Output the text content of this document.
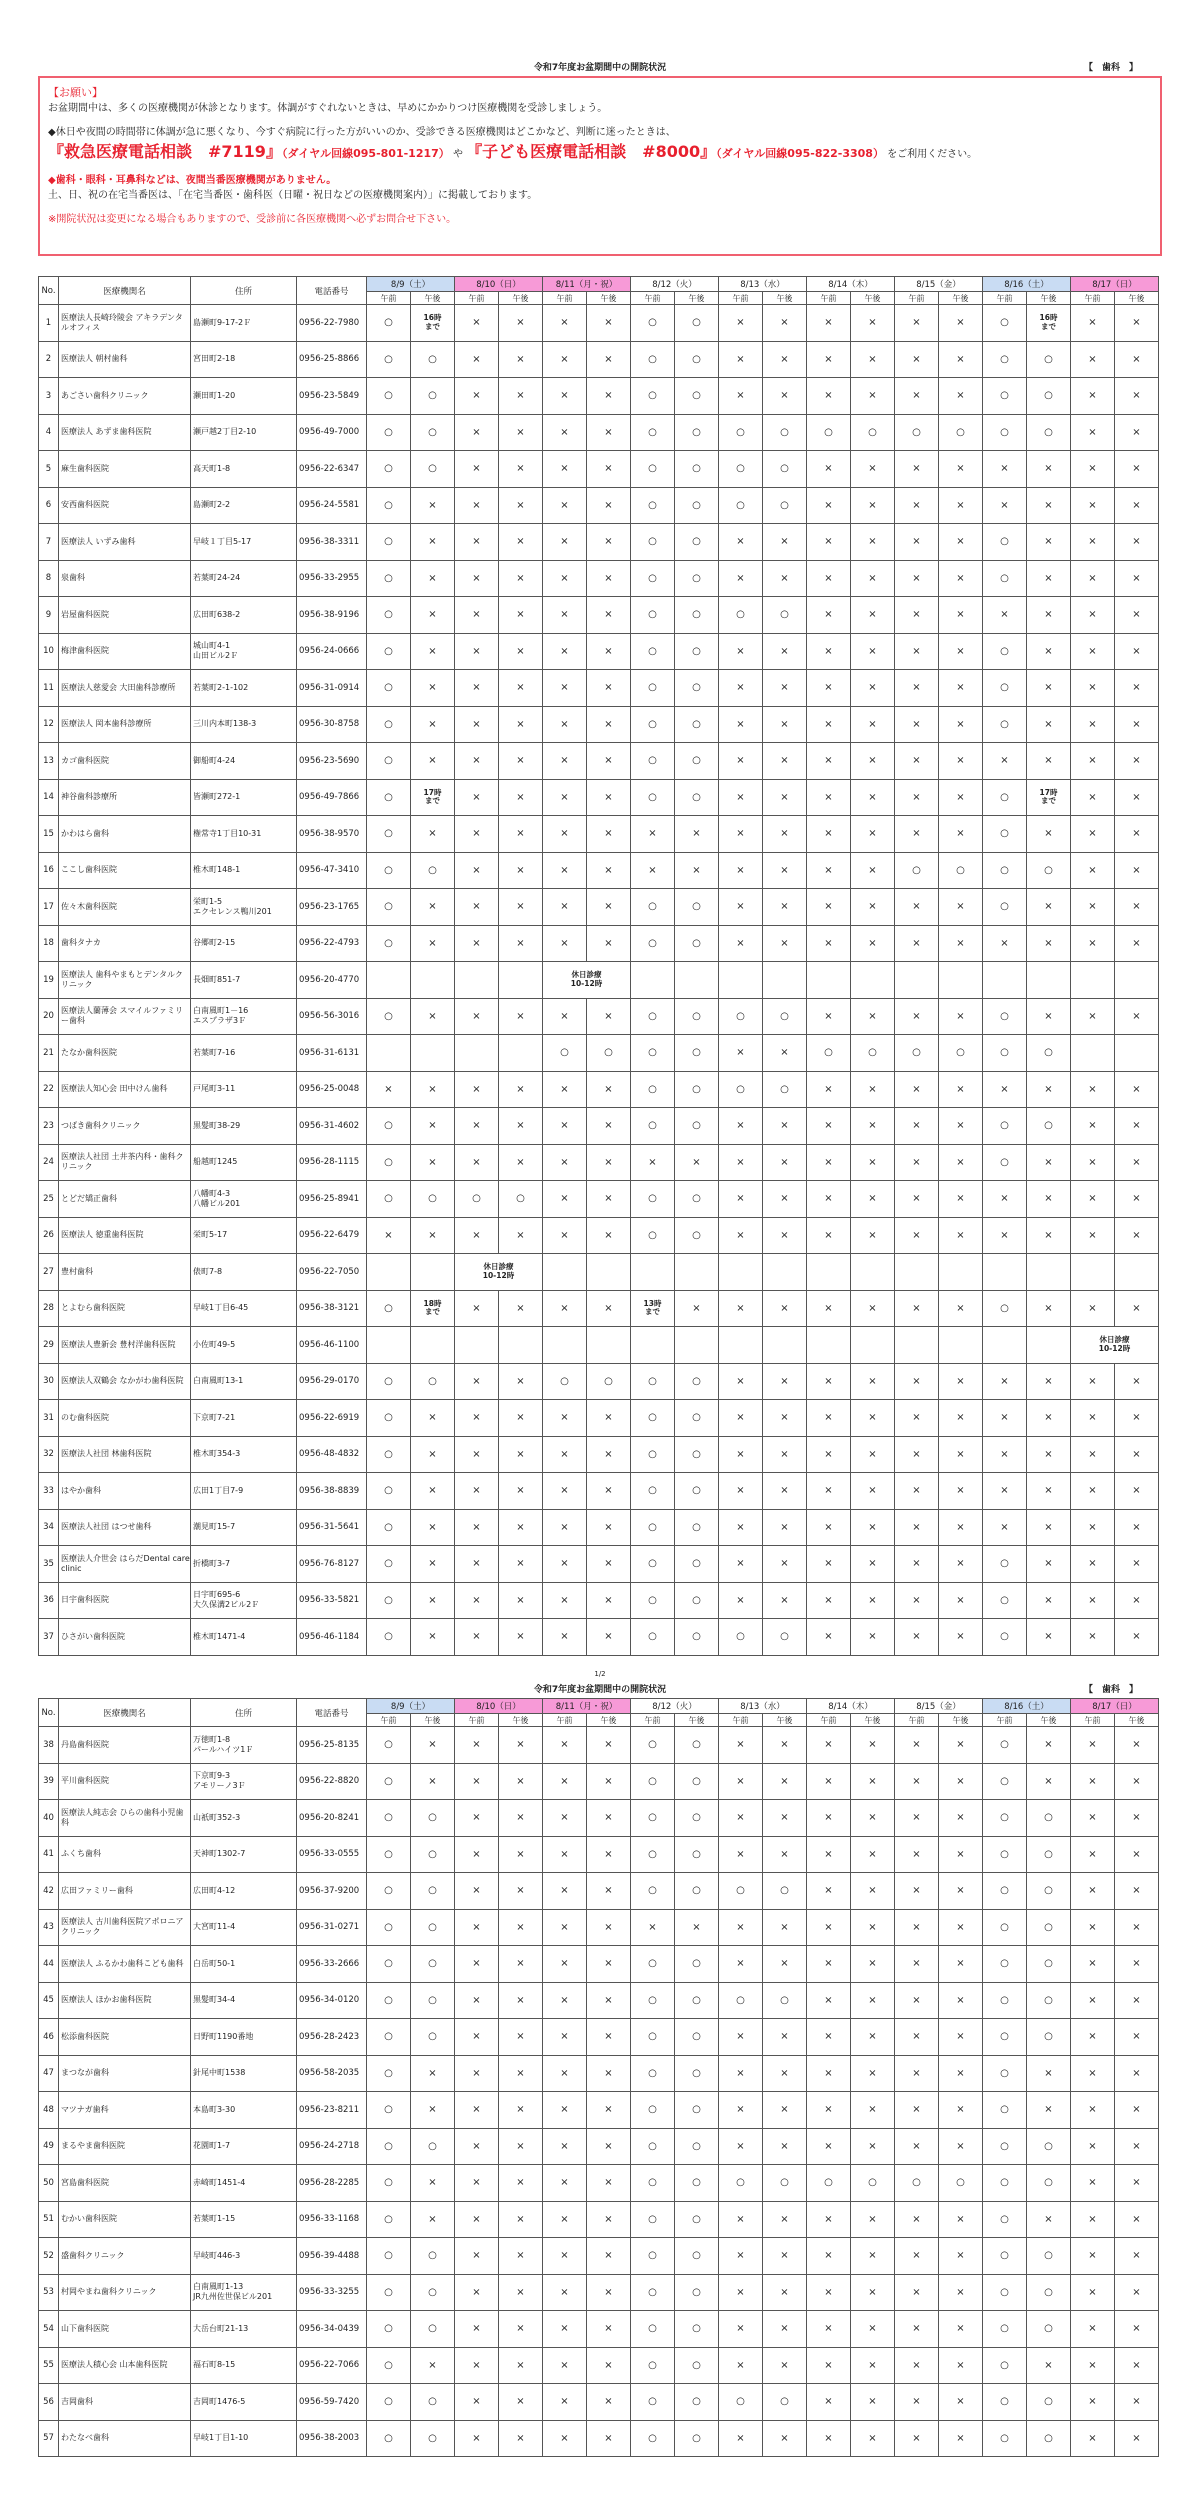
令和7年度お盆期間中の開院状況	【　歯科　】
【お願い】
お盆期間中は、多くの医療機関が休診となります。体調がすぐれないときは、早めにかかりつけ医療機関を受診しましょう。
◆休日や夜間の時間帯に体調が急に悪くなり、今すぐ病院に行った方がいいのか、受診できる医療機関はどこかなど、判断に迷ったときは、
『救急医療電話相談　#7119』（ダイヤル回線095-801-1217） や 『子ども医療電話相談　#8000』（ダイヤル回線095-822-3308） をご利用ください。
◆歯科・眼科・耳鼻科などは、夜間当番医療機関がありません。
土、日、祝の在宅当番医は、「在宅当番医・歯科医（日曜・祝日などの医療機関案内）」に掲載しております。
※開院状況は変更になる場合もありますので、受診前に各医療機関へ必ずお問合せ下さい。
No.	医療機関名	住所	電話番号	8/9（土）		8/10（日）		8/11（月・祝）		8/12（火）		8/13（水）		8/14（木）		8/15（金）		8/16（土）		8/17（日）	
				午前	午後	午前	午後	午前	午後	午前	午後	午前	午後	午前	午後	午前	午後	午前	午後	午前	午後
1	医療法人長崎玲陵会 アキラデンタルオフィス	島瀬町9-17-2Ｆ	0956-22-7980	○	16時
まで	×	×	×	×	○	○	×	×	×	×	×	×	○	16時
まで	×	×
2	医療法人 朝村歯科	宮田町2-18	0956-25-8866	○	○	×	×	×	×	○	○	×	×	×	×	×	×	○	○	×	×
3	あごさい歯科クリニック	瀬田町1-20	0956-23-5849	○	○	×	×	×	×	○	○	×	×	×	×	×	×	○	○	×	×
4	医療法人 あずま歯科医院	瀬戸越2丁目2-10	0956-49-7000	○	○	×	×	×	×	○	○	○	○	○	○	○	○	○	○	×	×
5	麻生歯科医院	高天町1-8	0956-22-6347	○	○	×	×	×	×	○	○	○	○	×	×	×	×	×	×	×	×
6	安西歯科医院	島瀬町2-2	0956-24-5581	○	×	×	×	×	×	○	○	○	○	×	×	×	×	×	×	×	×
7	医療法人 いずみ歯科	早岐１丁目5-17	0956-38-3311	○	×	×	×	×	×	○	○	×	×	×	×	×	×	○	×	×	×
8	泉歯科	若葉町24-24	0956-33-2955	○	×	×	×	×	×	○	○	×	×	×	×	×	×	○	×	×	×
9	岩屋歯科医院	広田町638-2	0956-38-9196	○	×	×	×	×	×	○	○	○	○	×	×	×	×	×	×	×	×
10	梅津歯科医院	城山町4-1
山田ビル2Ｆ	0956-24-0666	○	×	×	×	×	×	○	○	×	×	×	×	×	×	○	×	×	×
11	医療法人慈愛会 大田歯科診療所	若葉町2-1-102	0956-31-0914	○	×	×	×	×	×	○	○	×	×	×	×	×	×	○	×	×	×
12	医療法人 岡本歯科診療所	三川内本町138-3	0956-30-8758	○	×	×	×	×	×	○	○	×	×	×	×	×	×	○	×	×	×
13	カゴ歯科医院	御船町4-24	0956-23-5690	○	×	×	×	×	×	○	○	×	×	×	×	×	×	×	×	×	×
14	神谷歯科診療所	皆瀬町272-1	0956-49-7866	○	17時
まで	×	×	×	×	○	○	×	×	×	×	×	×	○	17時
まで	×	×
15	かわはら歯科	権常寺1丁目10-31	0956-38-9570	○	×	×	×	×	×	×	×	×	×	×	×	×	×	○	×	×	×
16	ここし歯科医院	椎木町148-1	0956-47-3410	○	○	×	×	×	×	×	×	×	×	×	×	○	○	○	○	×	×
17	佐々木歯科医院	栄町1-5
エクセレンス鴨川201	0956-23-1765	○	×	×	×	×	×	○	○	×	×	×	×	×	×	○	×	×	×
18	歯科タナカ	谷郷町2-15	0956-22-4793	○	×	×	×	×	×	○	○	×	×	×	×	×	×	×	×	×	×
19	医療法人 歯科やまもとデンタルクリニック	長畑町851-7	0956-20-4770					休日診療
10-12時													
20	医療法人蘭薄会 スマイルファミリー歯科	白南風町1－16
エスプラザ3Ｆ	0956-56-3016	○	×	×	×	×	×	○	○	○	○	×	×	×	×	○	×	×	×
21	たなか歯科医院	若葉町7-16	0956-31-6131					○	○	○	○	×	×	○	○	○	○	○	○		
22	医療法人知心会 田中けん歯科	戸尾町3-11	0956-25-0048	×	×	×	×	×	×	○	○	○	○	×	×	×	×	×	×	×	×
23	つばき歯科クリニック	黒髪町38-29	0956-31-4602	○	×	×	×	×	×	○	○	×	×	×	×	×	×	○	○	×	×
24	医療法人社団 土井茶内科・歯科クリニック	船越町1245	0956-28-1115	○	×	×	×	×	×	×	×	×	×	×	×	×	×	○	×	×	×
25	とどだ矯正歯科	八幡町4-3
八幡ビル201	0956-25-8941	○	○	○	○	×	×	○	○	×	×	×	×	×	×	×	×	×	×
26	医療法人 徳重歯科医院	栄町5-17	0956-22-6479	×	×	×	×	×	×	○	○	×	×	×	×	×	×	×	×	×	×
27	豊村歯科	俵町7-8	0956-22-7050			休日診療
10-12時															
28	とよむら歯科医院	早岐1丁目6-45	0956-38-3121	○	18時
まで	×	×	×	×	13時
まで	×	×	×	×	×	×	×	○	×	×	×
29	医療法人豊新会 豊村洋歯科医院	小佐町49-5	0956-46-1100																	休日診療
10-12時	
30	医療法人双鶴会 なかがわ歯科医院	白南風町13-1	0956-29-0170	○	○	×	×	○	○	○	○	×	×	×	×	×	×	×	×	×	×
31	のむ歯科医院	下京町7-21	0956-22-6919	○	×	×	×	×	×	○	○	×	×	×	×	×	×	×	×	×	×
32	医療法人社団 林歯科医院	椎木町354-3	0956-48-4832	○	×	×	×	×	×	○	○	×	×	×	×	×	×	×	×	×	×
33	はやか歯科	広田1丁目7-9	0956-38-8839	○	×	×	×	×	×	○	○	×	×	×	×	×	×	×	×	×	×
34	医療法人社団 はつせ歯科	潮見町15-7	0956-31-5641	○	×	×	×	×	×	○	○	×	×	×	×	×	×	×	×	×	×
35	医療法人介世会 はらだDental care clinic	折橋町3-7	0956-76-8127	○	×	×	×	×	×	○	○	×	×	×	×	×	×	○	×	×	×
36	日宇歯科医院	日宇町695-6
大久保溝2ビル2Ｆ	0956-33-5821	○	×	×	×	×	×	○	○	×	×	×	×	×	×	○	×	×	×
37	ひさがい歯科医院	椎木町1471-4	0956-46-1184	○	×	×	×	×	×	○	○	○	○	×	×	×	×	○	×	×	×
1/2
令和7年度お盆期間中の開院状況	【　歯科　】
No.	医療機関名	住所	電話番号	8/9（土）		8/10（日）		8/11（月・祝）		8/12（火）		8/13（水）		8/14（木）		8/15（金）		8/16（土）		8/17（日）	
				午前	午後	午前	午後	午前	午後	午前	午後	午前	午後	午前	午後	午前	午後	午前	午後	午前	午後
38	丹島歯科医院	万徳町1-8
パールハイツ1Ｆ	0956-25-8135	○	×	×	×	×	×	○	○	×	×	×	×	×	×	○	×	×	×
39	平川歯科医院	下京町9-3
アモリーノ3Ｆ	0956-22-8820	○	×	×	×	×	×	○	○	×	×	×	×	×	×	○	×	×	×
40	医療法人純志会 ひらの歯科小児歯科	山祇町352-3	0956-20-8241	○	○	×	×	×	×	○	○	×	×	×	×	×	×	○	○	×	×
41	ふくち歯科	天神町1302-7	0956-33-0555	○	○	×	×	×	×	○	○	×	×	×	×	×	×	○	○	×	×
42	広田ファミリー歯科	広田町4-12	0956-37-9200	○	○	×	×	×	×	○	○	○	○	×	×	×	×	○	○	×	×
43	医療法人 古川歯科医院アポロニアクリニック	大宮町11-4	0956-31-0271	○	○	×	×	×	×	×	×	×	×	×	×	×	×	○	○	×	×
44	医療法人 ふるかわ歯科こども歯科	白岳町50-1	0956-33-2666	○	○	×	×	×	×	○	○	×	×	×	×	×	×	○	○	×	×
45	医療法人 ほかお歯科医院	黒髪町34-4	0956-34-0120	○	○	×	×	×	×	○	○	○	○	×	×	×	×	○	○	×	×
46	松添歯科医院	日野町1190番地	0956-28-2423	○	○	×	×	×	×	○	○	×	×	×	×	×	×	○	○	×	×
47	まつなが歯科	針尾中町1538	0956-58-2035	○	×	×	×	×	×	○	○	×	×	×	×	×	×	○	×	×	×
48	マツナガ歯科	本島町3-30	0956-23-8211	○	×	×	×	×	×	○	○	×	×	×	×	×	×	○	×	×	×
49	まるやま歯科医院	花園町1-7	0956-24-2718	○	○	×	×	×	×	○	○	×	×	×	×	×	×	○	○	×	×
50	宮島歯科医院	赤崎町1451-4	0956-28-2285	○	×	×	×	×	×	○	○	○	○	○	○	○	○	○	○	×	×
51	むかい歯科医院	若葉町1-15	0956-33-1168	○	×	×	×	×	×	○	○	×	×	×	×	×	×	○	×	×	×
52	盛歯科クリニック	早岐町446-3	0956-39-4488	○	○	×	×	×	×	○	○	×	×	×	×	×	×	○	○	×	×
53	村岡やまね歯科クリニック	白南風町1-13
JR九州佐世保ビル201	0956-33-3255	○	○	×	×	×	×	○	○	×	×	×	×	×	×	○	○	×	×
54	山下歯科医院	大岳台町21-13	0956-34-0439	○	○	×	×	×	×	○	○	×	×	×	×	×	×	○	○	×	×
55	医療法人積心会 山本歯科医院	福石町8-15	0956-22-7066	○	×	×	×	×	×	○	○	×	×	×	×	×	×	○	×	×	×
56	吉岡歯科	吉岡町1476-5	0956-59-7420	○	○	×	×	×	×	○	○	○	○	×	×	×	×	○	○	×	×
57	わたなべ歯科	早岐1丁目1-10	0956-38-2003	○	○	×	×	×	×	○	○	×	×	×	×	×	×	○	○	×	×
